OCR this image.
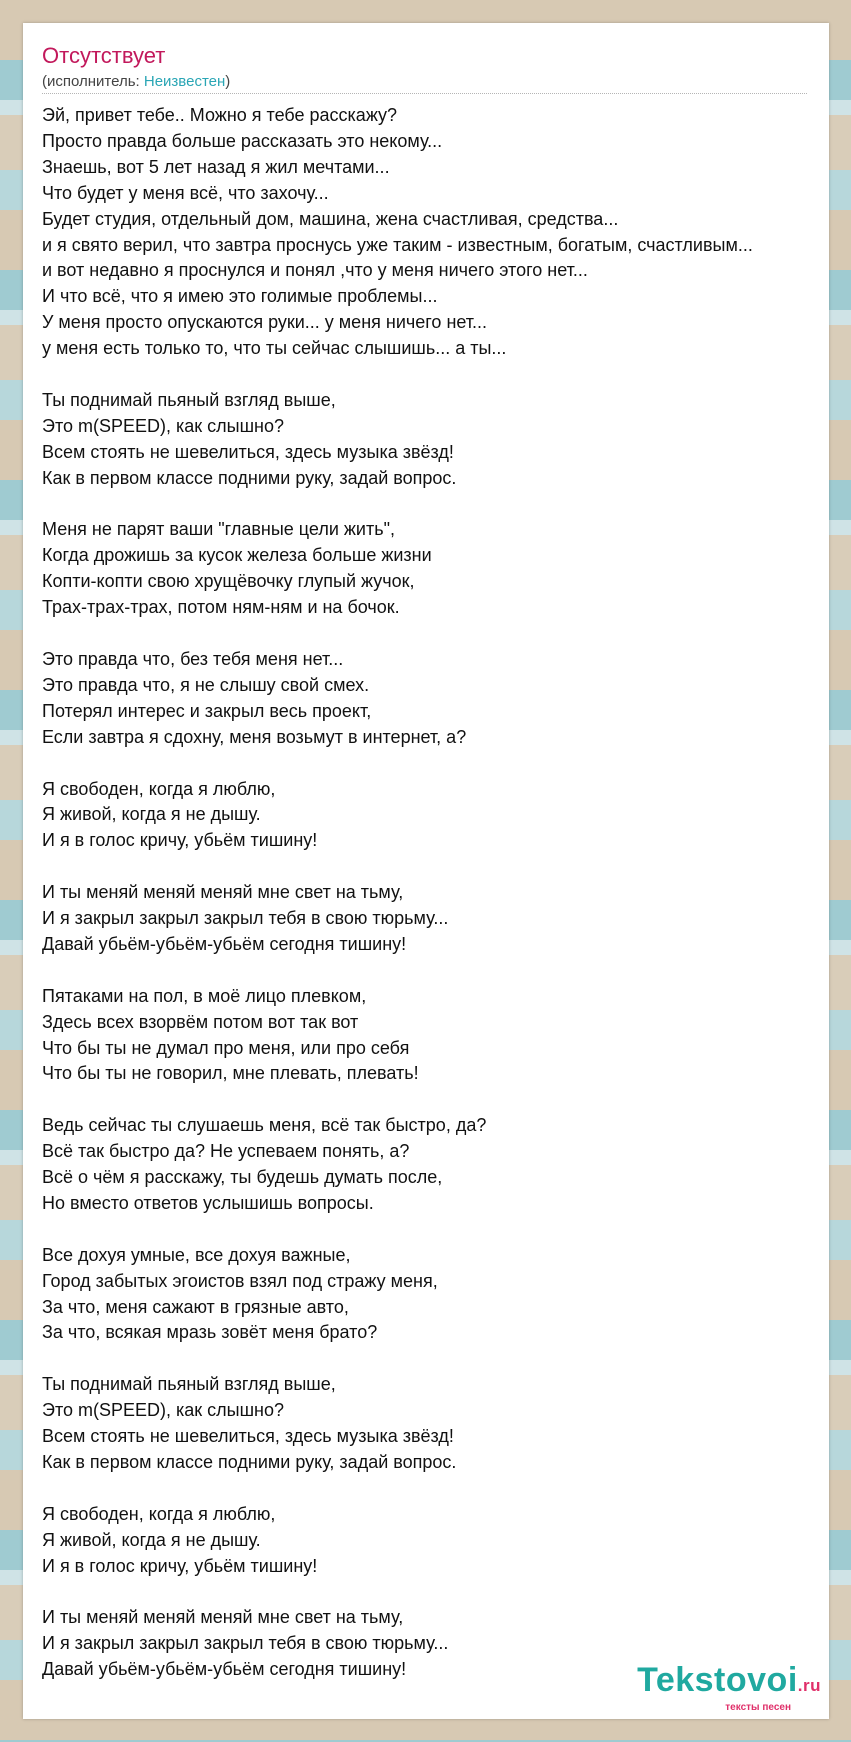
Отсутствует
(исполнитель: Неизвестен)
Эй, привет тебе.. Можно я тебе расскажу?
Просто правда больше рассказать это некому...
Знаешь, вот 5 лет назад я жил мечтами...
Что будет у меня всё, что захочу...
Будет студия, отдельный дом, машина, жена счастливая, средства...
и я свято верил, что завтра проснусь уже таким - известным, богатым, счастливым...
и вот недавно я проснулся и понял ,что у меня ничего этого нет...
И что всё, что я имею это голимые проблемы...
У меня просто опускаются руки... у меня ничего нет...
у меня есть только то, что ты сейчас слышишь... а ты...
Ты поднимай пьяный взгляд выше,
Это m(SPEED), как слышно?
Всем стоять не шевелиться, здесь музыка звёзд!
Как в первом классе подними руку, задай вопрос.
Меня не парят ваши "главные цели жить",
Когда дрожишь за кусок железа больше жизни
Копти-копти свою хрущёвочку глупый жучок,
Трах-трах-трах, потом ням-ням и на бочок.
Это правда что, без тебя меня нет...
Это правда что, я не слышу свой смех.
Потерял интерес и закрыл весь проект,
Если завтра я сдохну, меня возьмут в интернет, а?
Я свободен, когда я люблю,
Я живой, когда я не дышу.
И я в голос кричу, убьём тишину!
И ты меняй меняй меняй мне свет на тьму,
И я закрыл закрыл закрыл тебя в свою тюрьму...
Давай убьём-убьём-убьём сегодня тишину!
Пятаками на пол, в моё лицо плевком,
Здесь всех взорвём потом вот так вот
Что бы ты не думал про меня, или про себя
Что бы ты не говорил, мне плевать, плевать!
Ведь сейчас ты слушаешь меня, всё так быстро, да?
Всё так быстро да? Не успеваем понять, а?
Всё о чём я расскажу, ты будешь думать после,
Но вместо ответов услышишь вопросы.
Все дохуя умные, все дохуя важные,
Город забытых эгоистов взял под стражу меня,
За что, меня сажают в грязные авто,
За что, всякая мразь зовёт меня брато?
Ты поднимай пьяный взгляд выше,
Это m(SPEED), как слышно?
Всем стоять не шевелиться, здесь музыка звёзд!
Как в первом классе подними руку, задай вопрос.
Я свободен, когда я люблю,
Я живой, когда я не дышу.
И я в голос кричу, убьём тишину!
И ты меняй меняй меняй мне свет на тьму,
И я закрыл закрыл закрыл тебя в свою тюрьму...
Давай убьём-убьём-убьём сегодня тишину!	Tekstovoi.ru
тексты песен
